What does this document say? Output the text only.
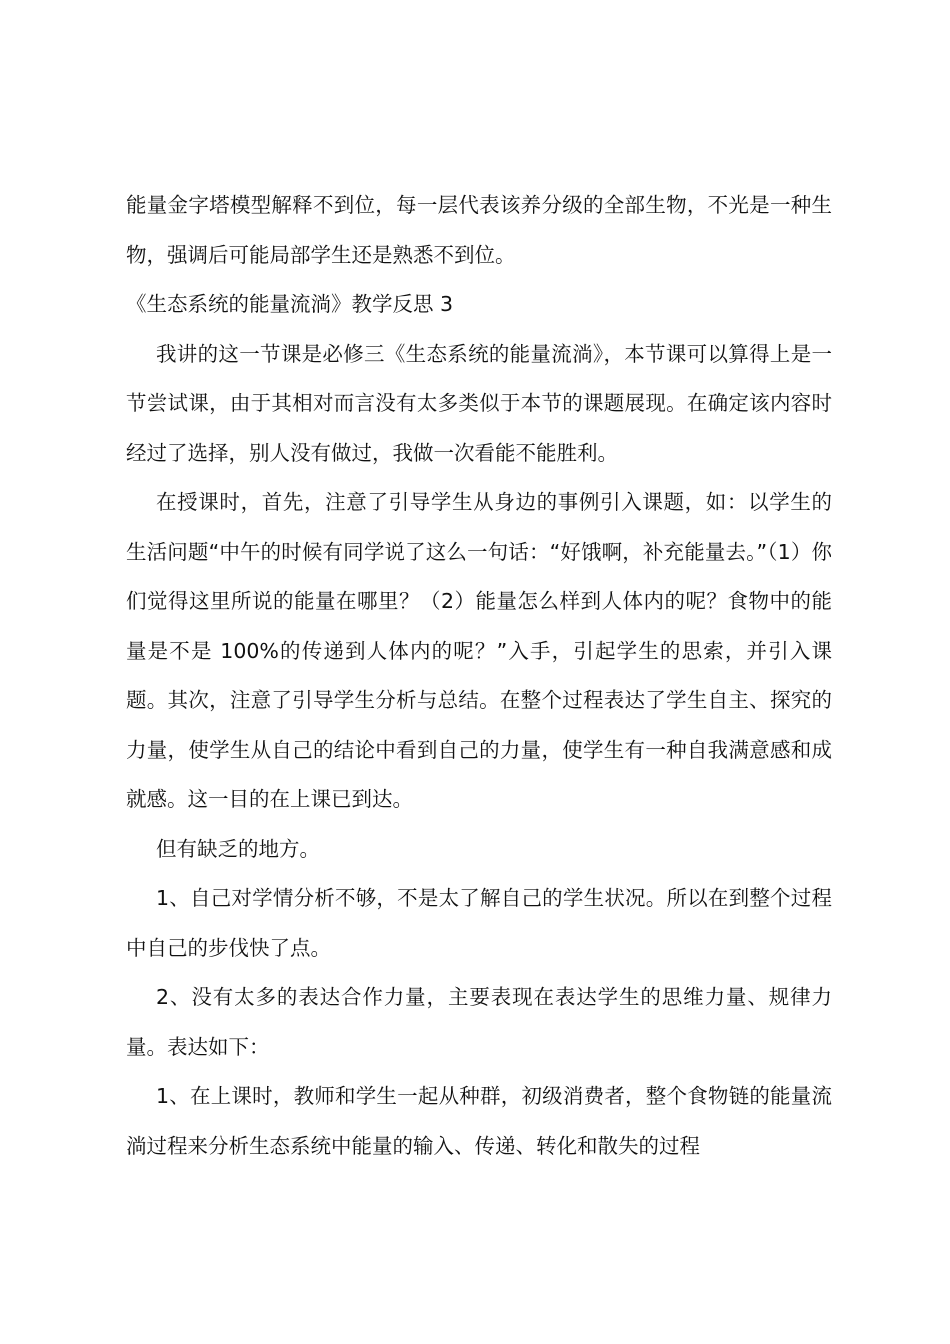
能量金字塔模型解释不到位，每一层代表该养分级的全部生物，不光是一种生物，强调后可能局部学生还是熟悉不到位。

《生态系统的能量流淌》教学反思 3

我讲的这一节课是必修三《生态系统的能量流淌》，本节课可以算得上是一节尝试课，由于其相对而言没有太多类似于本节的课题展现。在确定该内容时经过了选择，别人没有做过，我做一次看能不能胜利。

在授课时，首先，注意了引导学生从身边的事例引入课题，如：以学生的生活问题“中午的时候有同学说了这么一句话：“好饿啊，补充能量去。”（1）你们觉得这里所说的能量在哪里？（2）能量怎么样到人体内的呢？食物中的能量是不是 100%的传递到人体内的呢？”入手，引起学生的思索，并引入课题。其次，注意了引导学生分析与总结。在整个过程表达了学生自主、探究的力量，使学生从自己的结论中看到自己的力量，使学生有一种自我满意感和成就感。这一目的在上课已到达。

但有缺乏的地方。

1、自己对学情分析不够，不是太了解自己的学生状况。所以在到整个过程中自己的步伐快了点。

2、没有太多的表达合作力量，主要表现在表达学生的思维力量、规律力量。表达如下：

1、在上课时，教师和学生一起从种群，初级消费者，整个食物链的能量流淌过程来分析生态系统中能量的输入、传递、转化和散失的过程
